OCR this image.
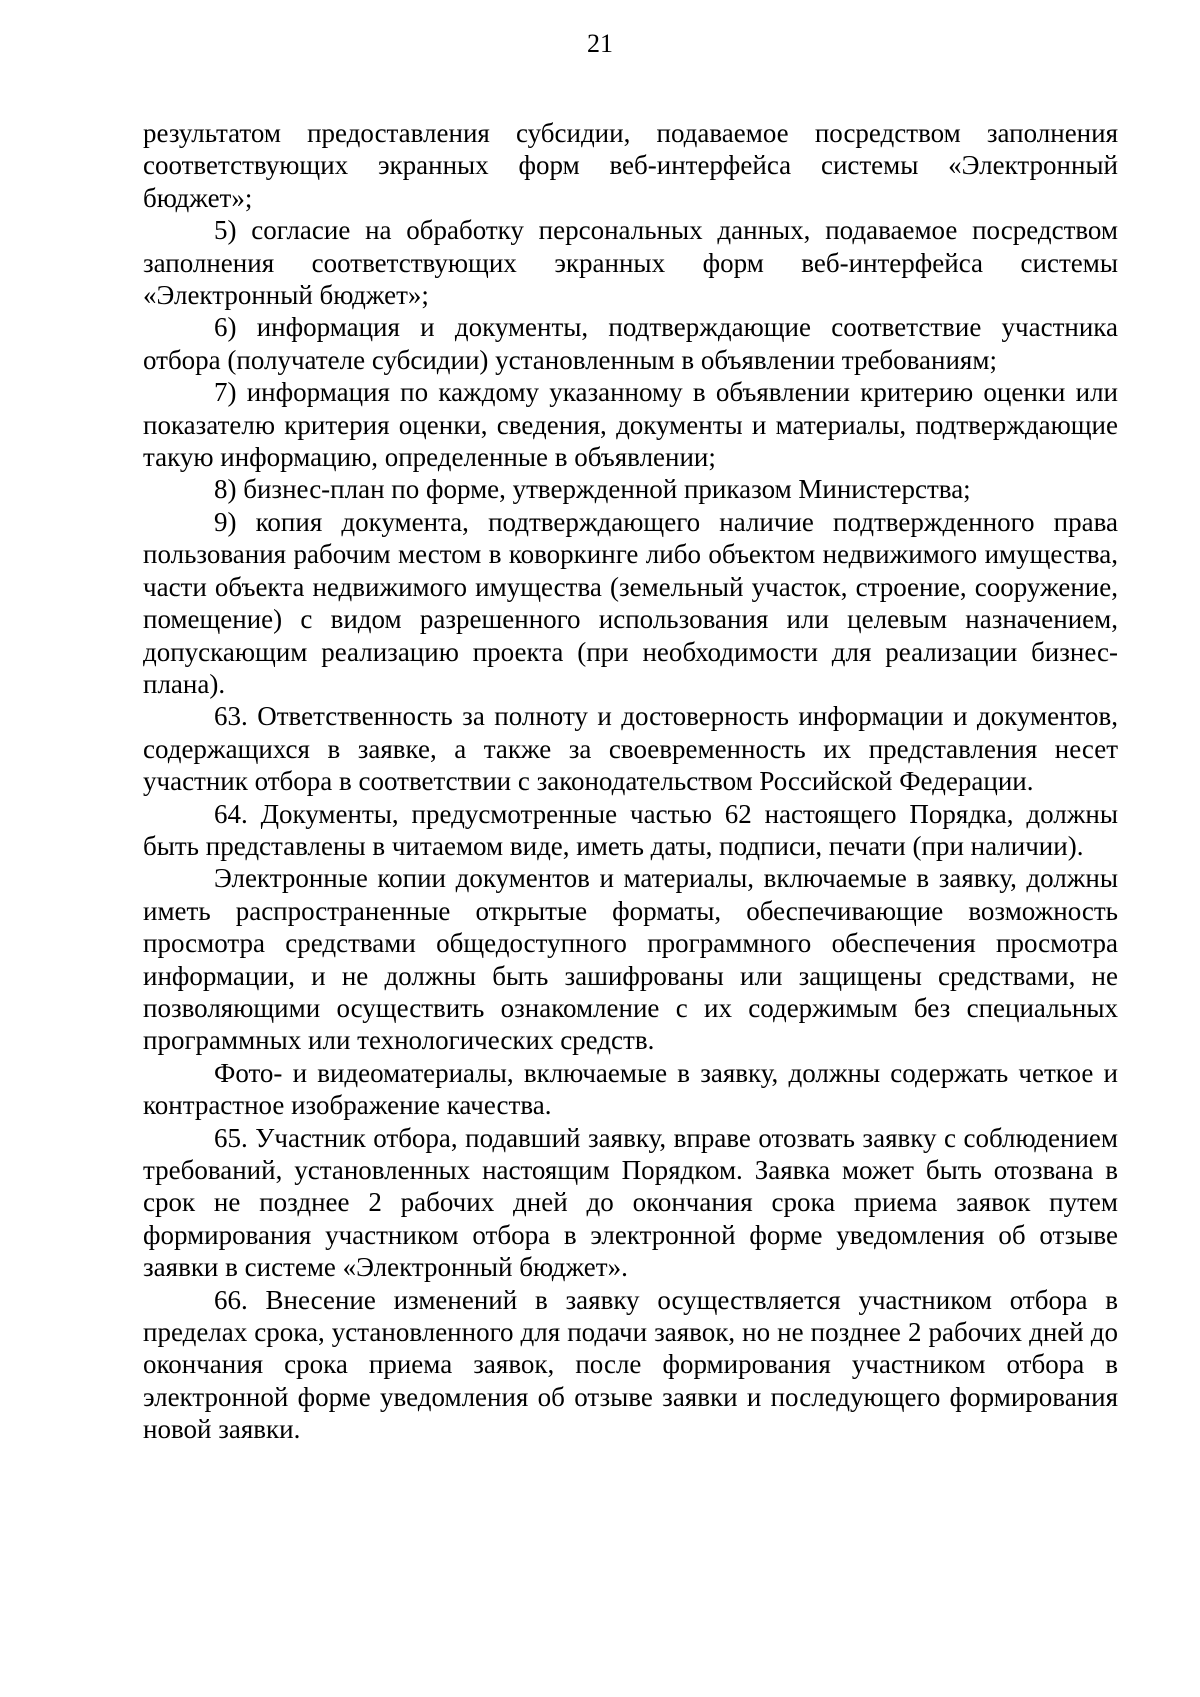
21

результатом предоставления субсидии, подаваемое посредством заполнения соответствующих экранных форм веб-интерфейса системы «Электронный бюджет»;

5) согласие на обработку персональных данных, подаваемое посредством заполнения соответствующих экранных форм веб-интерфейса системы «Электронный бюджет»;

6) информация и документы, подтверждающие соответствие участника отбора (получателе субсидии) установленным в объявлении требованиям;

7) информация по каждому указанному в объявлении критерию оценки или показателю критерия оценки, сведения, документы и материалы, подтверждающие такую информацию, определенные в объявлении;

8) бизнес-план по форме, утвержденной приказом Министерства;

9) копия документа, подтверждающего наличие подтвержденного права пользования рабочим местом в коворкинге либо объектом недвижимого имущества, части объекта недвижимого имущества (земельный участок, строение, сооружение, помещение) с видом разрешенного использования или целевым назначением, допускающим реализацию проекта (при необходимости для реализации бизнес-плана).

63. Ответственность за полноту и достоверность информации и документов, содержащихся в заявке, а также за своевременность их представления несет участник отбора в соответствии с законодательством Российской Федерации.

64. Документы, предусмотренные частью 62 настоящего Порядка, должны быть представлены в читаемом виде, иметь даты, подписи, печати (при наличии).

Электронные копии документов и материалы, включаемые в заявку, должны иметь распространенные открытые форматы, обеспечивающие возможность просмотра средствами общедоступного программного обеспечения просмотра информации, и не должны быть зашифрованы или защищены средствами, не позволяющими осуществить ознакомление с их содержимым без специальных программных или технологических средств.

Фото- и видеоматериалы, включаемые в заявку, должны содержать четкое и контрастное изображение качества.

65. Участник отбора, подавший заявку, вправе отозвать заявку с соблюдением требований, установленных настоящим Порядком. Заявка может быть отозвана в срок не позднее 2 рабочих дней до окончания срока приема заявок путем формирования участником отбора в электронной форме уведомления об отзыве заявки в системе «Электронный бюджет».

66. Внесение изменений в заявку осуществляется участником отбора в пределах срока, установленного для подачи заявок, но не позднее 2 рабочих дней до окончания срока приема заявок, после формирования участником отбора в электронной форме уведомления об отзыве заявки и последующего формирования новой заявки.
